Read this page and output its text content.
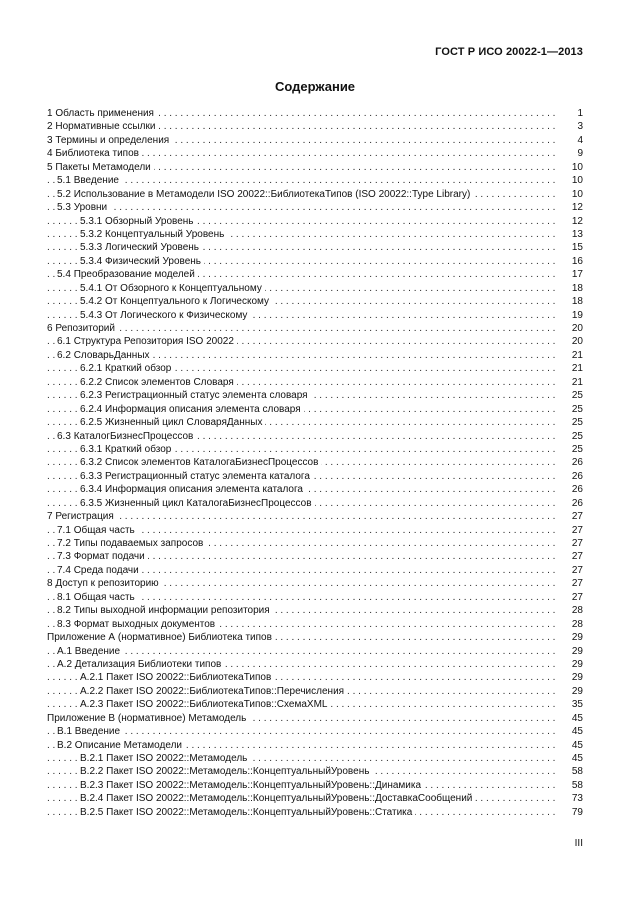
ГОСТ Р ИСО 20022-1—2013
Содержание
. . .
1 Область применения	1
. . .
2 Нормативные ссылки	3
. . .
3 Термины и определения	4
. . .
4 Библиотека типов	9
. . .
5 Пакеты Метамодели	10
. . .
5.1 Введение	10
. . .
5.2 Использование в Метамодели ISO 20022::БиблиотекаТипов (ISO 20022::Type Library)	10
. . .
5.3 Уровни	12
. . .
5.3.1 Обзорный Уровень	12
. . .
5.3.2 Концептуальный Уровень	13
. . .
5.3.3 Логический Уровень	15
. . .
5.3.4 Физический Уровень	16
. . .
5.4 Преобразование моделей	17
. . .
5.4.1 От Обзорного к Концептуальному	18
. . .
5.4.2 От Концептуального к Логическому	18
. . .
5.4.3 От Логического к Физическому	19
. . .
6 Репозиторий	20
. . .
6.1 Структура Репозитория ISO 20022	20
. . .
6.2 СловарьДанных	21
. . .
6.2.1 Краткий обзор	21
. . .
6.2.2 Список элементов Словаря	21
. . .
6.2.3 Регистрационный статус элемента словаря	25
. . .
6.2.4 Информация описания элемента словаря	25
. . .
6.2.5 Жизненный цикл СловаряДанных	25
. . .
6.3 КаталогБизнесПроцессов	25
. . .
6.3.1 Краткий обзор	25
. . .
6.3.2 Список элементов КаталогаБизнесПроцессов	26
. . .
6.3.3 Регистрационный статус элемента каталога	26
. . .
6.3.4 Информация описания элемента каталога	26
. . .
6.3.5 Жизненный цикл КаталогаБизнесПроцессов	26
. . .
7 Регистрация	27
. . .
7.1 Общая часть	27
. . .
7.2 Типы подаваемых запросов	27
. . .
7.3 Формат подачи	27
. . .
7.4 Среда подачи	27
. . .
8 Доступ к репозиторию	27
. . .
8.1 Общая часть	27
. . .
8.2 Типы выходной информации репозитория	28
. . .
8.3 Формат выходных документов	28
. . .
Приложение А (нормативное) Библиотека типов	29
. . .
А.1 Введение	29
. . .
А.2 Детализация Библиотеки типов	29
. . .
А.2.1 Пакет ISO 20022::БиблиотекаТипов	29
. . .
А.2.2 Пакет ISO 20022::БиблиотекаТипов::Перечисления	29
. . .
А.2.3 Пакет ISO 20022::БиблиотекаТипов::СхемаXML	35
. . .
Приложение В (нормативное) Метамодель	45
. . .
В.1 Введение	45
. . .
В.2 Описание Метамодели	45
. . .
В.2.1 Пакет ISO 20022::Метамодель	45
. . .
В.2.2 Пакет ISO 20022::Метамодель::КонцептуальныйУровень	58
. . .
В.2.3 Пакет ISO 20022::Метамодель::КонцептуальныйУровень::Динамика	58
. . .
В.2.4 Пакет ISO 20022::Метамодель::КонцептуальныйУровень::ДоставкаСообщений	73
. . .
В.2.5 Пакет ISO 20022::Метамодель::КонцептуальныйУровень::Статика	79
III
